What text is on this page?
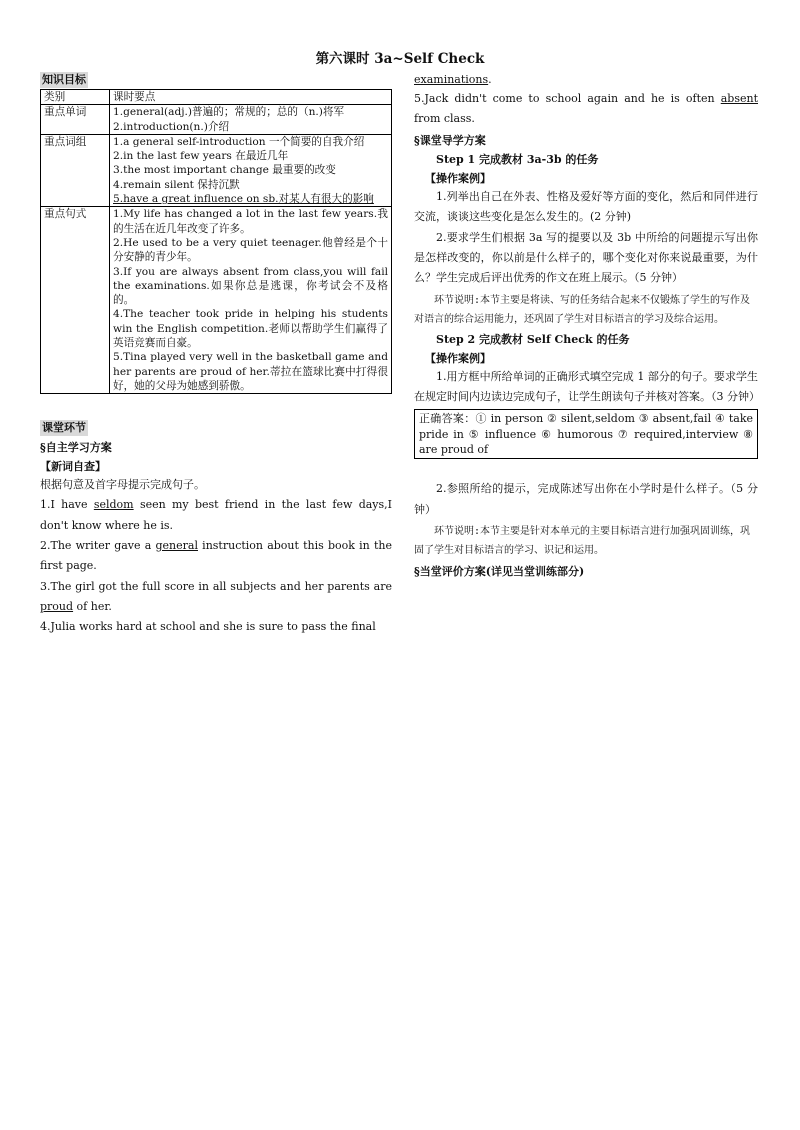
第六课时 3a~Self Check
知识目标
类别	课时要点
重点单词	1.general(adj.)普遍的；常规的；总的（n.)将军
2.introduction(n.)介绍

重点词组	1.a general self-introduction 一个简要的自我介绍
2.in the last few years 在最近几年
3.the most important change 最重要的改变
4.remain silent 保持沉默
5.have a great influence on sb.对某人有很大的影响

重点句式	1.My life has changed a lot in the last few years.我的生活在近几年改变了许多。
2.He used to be a very quiet teenager.他曾经是个十分安静的青少年。
3.If you are always absent from class,you will fail the examinations.如果你总是逃课，你考试会不及格的。
4.The teacher took pride in helping his students win the English competition.老师以帮助学生们赢得了英语竞赛而自豪。
5.Tina played very well in the basketball game and her parents are proud of her.蒂拉在篮球比赛中打得很好，她的父母为她感到骄傲。
课堂环节
§自主学习方案
【新词自查】

根据句意及首字母提示完成句子。

1.I have seldom seen my best friend in the last few days,I don't know where he is.

2.The writer gave a general instruction about this book in the first page.

3.The girl got the full score in all subjects and her parents are proud of her.

4.Julia works hard at school and she is sure to pass the final

examinations.

5.Jack didn't come to school again and he is often absent from class.

§课堂导学方案
Step 1 完成教材 3a-3b 的任务
【操作案例】

1.列举出自己在外表、性格及爱好等方面的变化，然后和同伴进行交流，谈谈这些变化是怎么发生的。(2 分钟)

2.要求学生们根据 3a 写的提要以及 3b 中所给的问题提示写出你是怎样改变的，你以前是什么样子的，哪个变化对你来说最重要，为什么？学生完成后评出优秀的作文在班上展示。（5 分钟）

环节说明:本节主要是将读、写的任务结合起来不仅锻炼了学生的写作及对语言的综合运用能力，还巩固了学生对目标语言的学习及综合运用。

Step 2 完成教材 Self Check 的任务
【操作案例】

1.用方框中所给单词的正确形式填空完成 1 部分的句子。要求学生在规定时间内边读边完成句子，让学生朗读句子并核对答案。（3 分钟）

正确答案：① in person ② silent,seldom ③ absent,fail ④ take pride in ⑤ influence ⑥ humorous ⑦ required,interview ⑧ are proud of

2.参照所给的提示，完成陈述写出你在小学时是什么样子。（5 分钟）

环节说明:本节主要是针对本单元的主要目标语言进行加强巩固训练，巩固了学生对目标语言的学习、识记和运用。

§当堂评价方案(详见当堂训练部分)
